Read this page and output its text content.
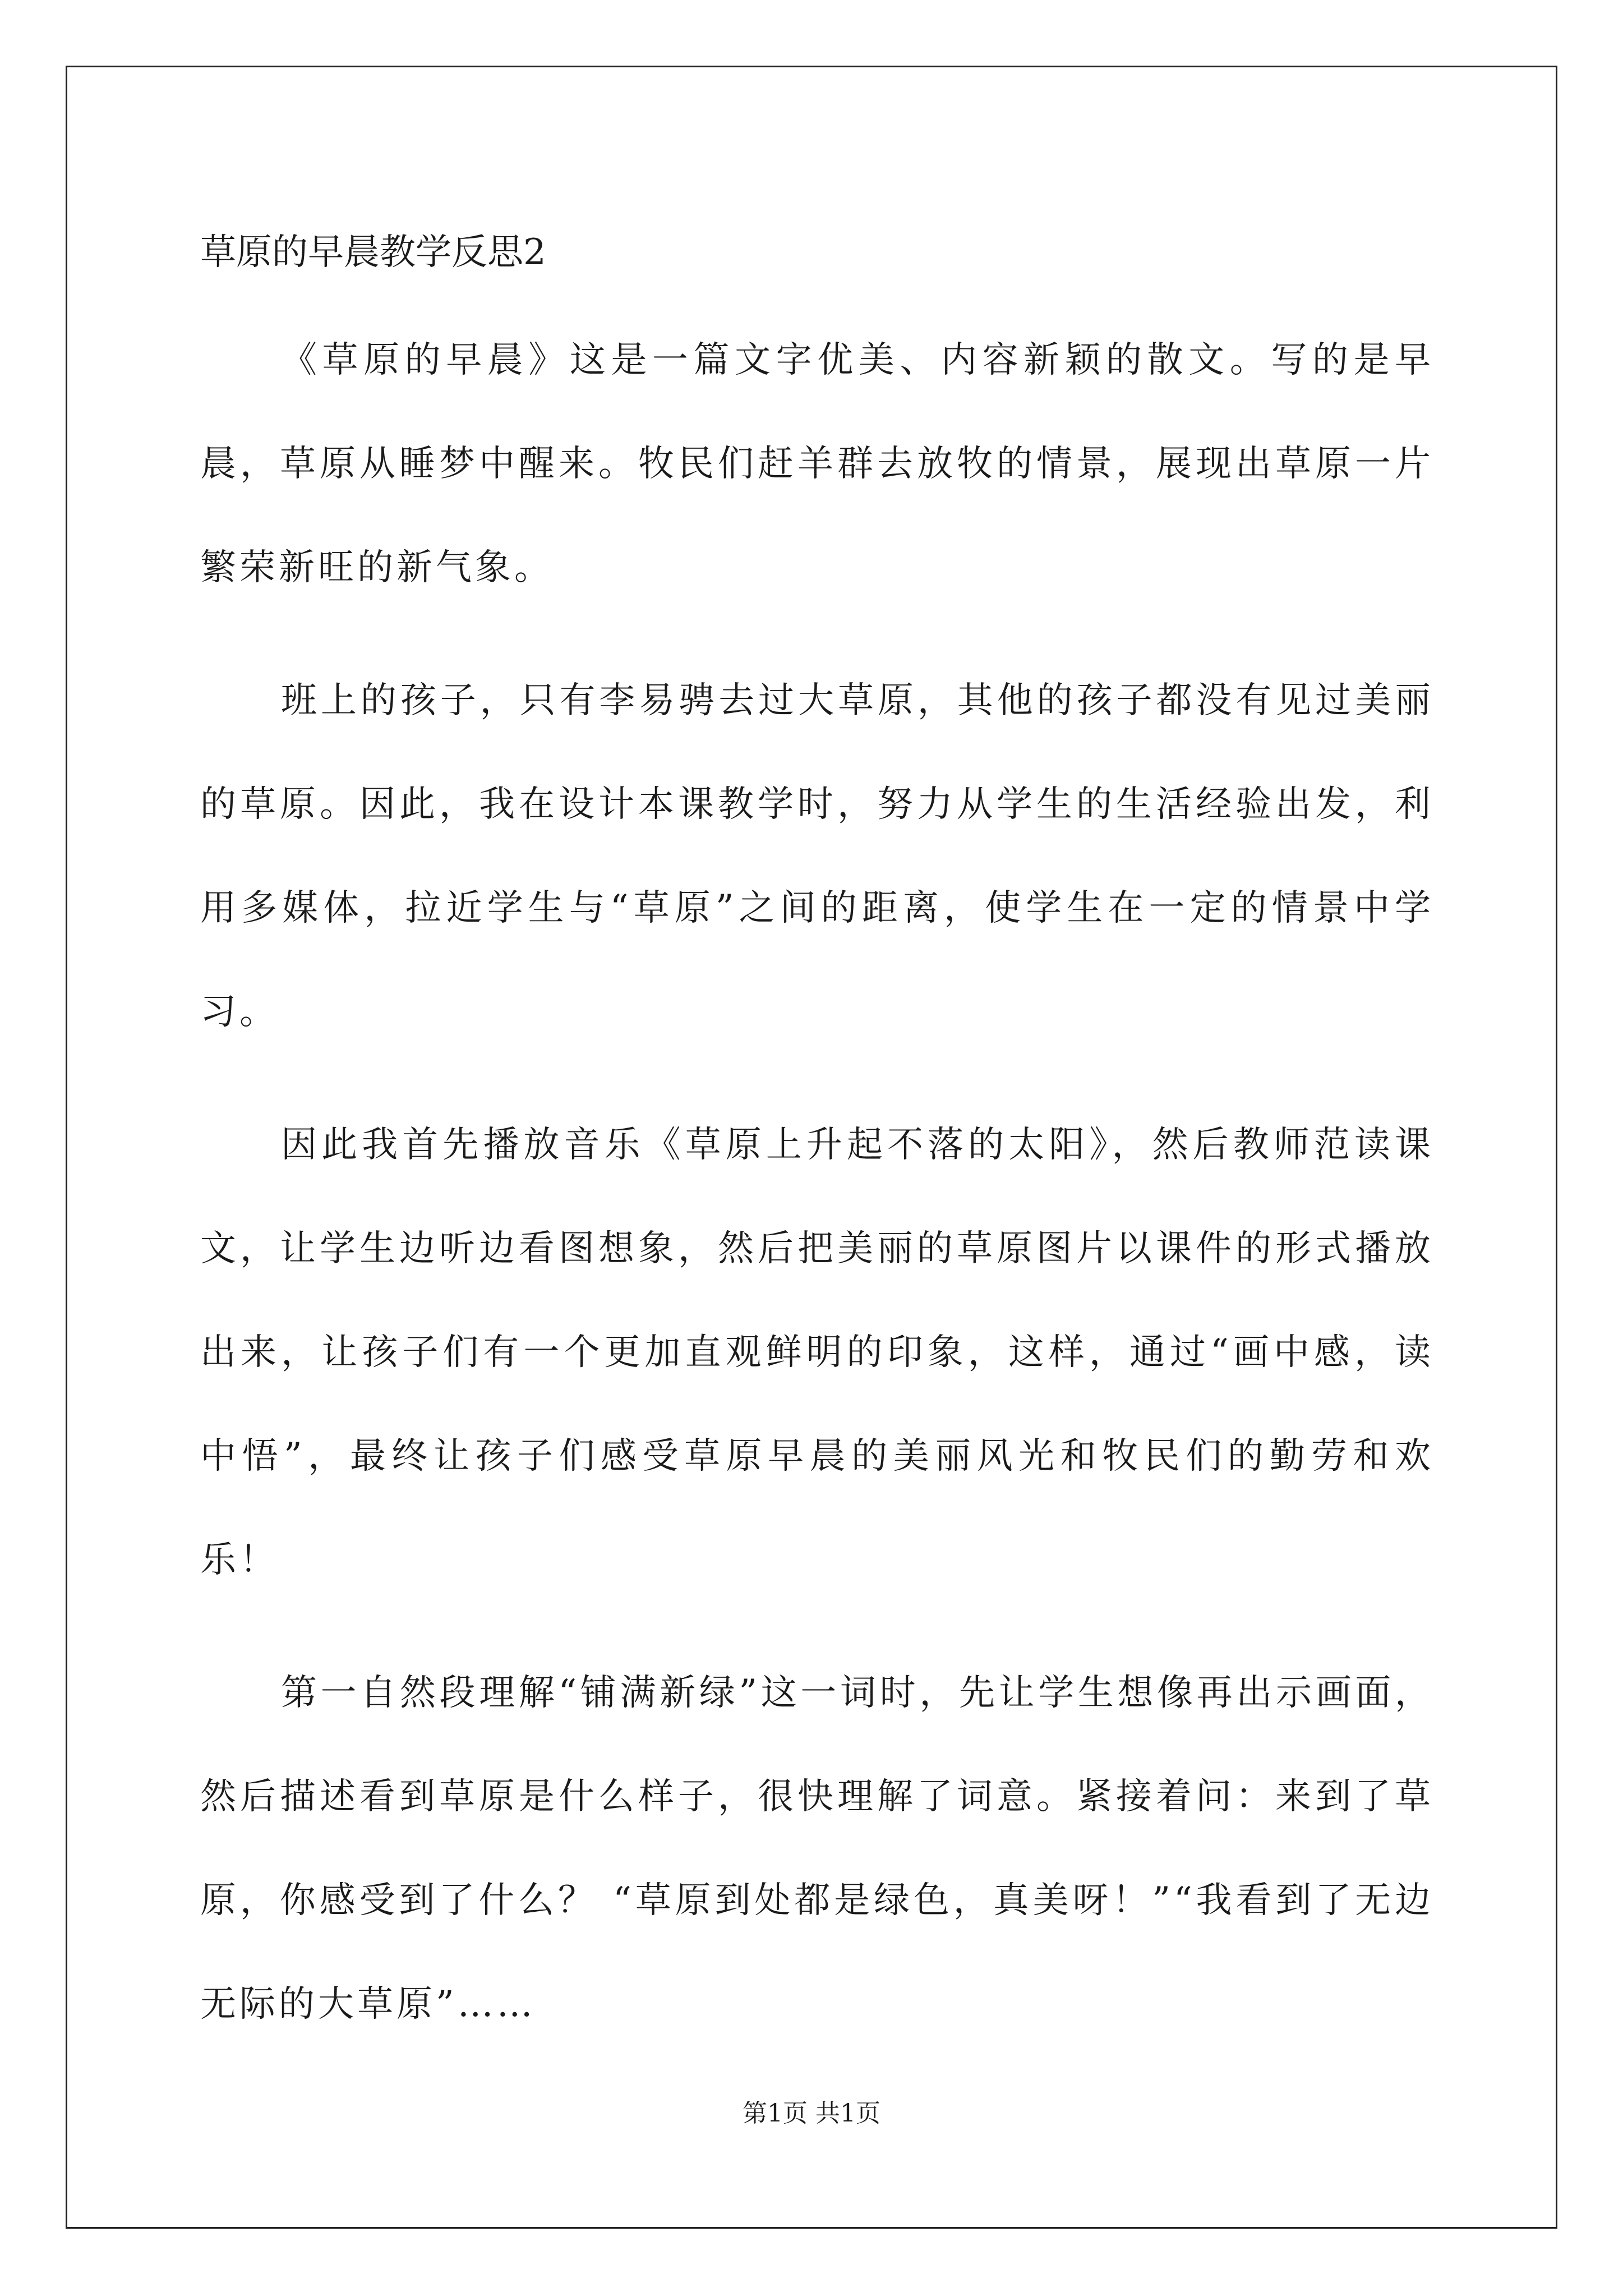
草原的早晨教学反思2

《草原的早晨》这是一篇文字优美、内容新颖的散文。写的是早晨，草原从睡梦中醒来。牧民们赶羊群去放牧的情景，展现出草原一片繁荣新旺的新气象。

班上的孩子，只有李易骋去过大草原，其他的孩子都没有见过美丽的草原。因此，我在设计本课教学时，努力从学生的生活经验出发，利用多媒体，拉近学生与“草原”之间的距离，使学生在一定的情景中学习。

因此我首先播放音乐《草原上升起不落的太阳》，然后教师范读课文，让学生边听边看图想象，然后把美丽的草原图片以课件的形式播放出来，让孩子们有一个更加直观鲜明的印象，这样，通过“画中感，读中悟”，最终让孩子们感受草原早晨的美丽风光和牧民们的勤劳和欢乐！

第一自然段理解“铺满新绿”这一词时，先让学生想像再出示画面，然后描述看到草原是什么样子，很快理解了词意。紧接着问：来到了草原，你感受到了什么？ “草原到处都是绿色，真美呀！”“我看到了无边无际的大草原”……

第1页 共1页
